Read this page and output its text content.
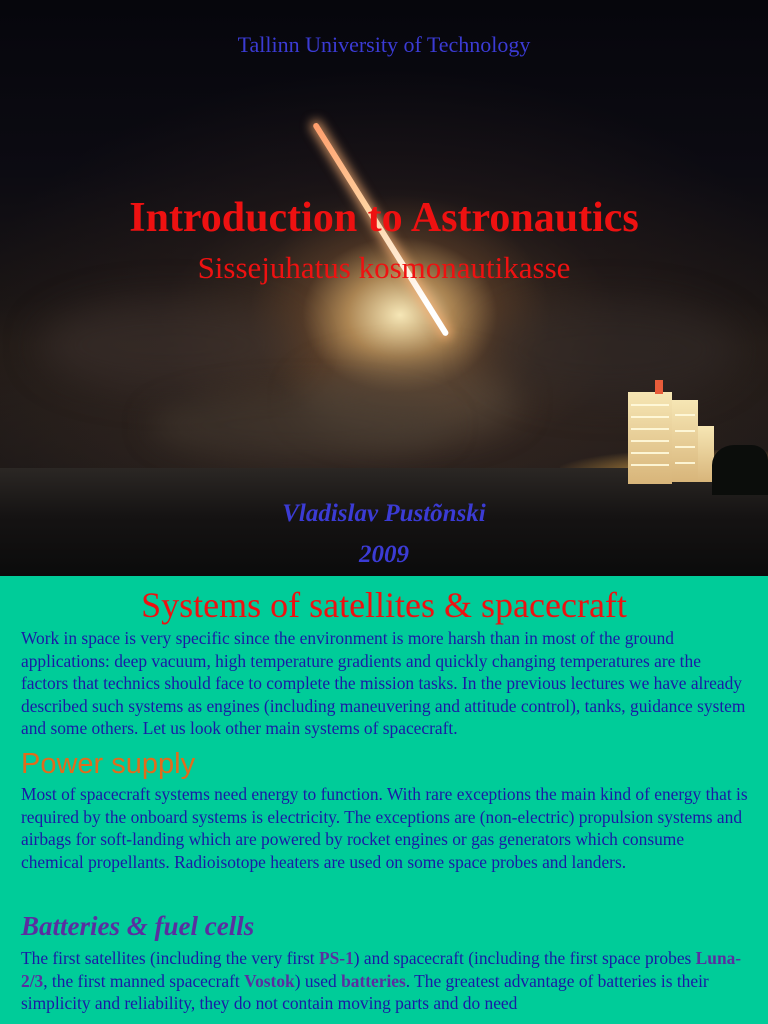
Tallinn University of Technology
Introduction to Astronautics
Sissejuhatus kosmonautikasse
Vladislav Pustõnski
2009
Systems of satellites & spacecraft

Work in space is very specific since the environment is more harsh than in most of the ground applications: deep vacuum, high temperature gradients and quickly changing temperatures are the factors that technics should face to complete the mission tasks. In the previous lectures we have already described such systems as engines (including maneuvering and attitude control), tanks, guidance system and some others. Let us look other main systems of spacecraft.

Power supply

Most of spacecraft systems need energy to function. With rare exceptions the main kind of energy that is required by the onboard systems is electricity. The exceptions are (non-electric) propulsion systems and airbags for soft-landing which are powered by rocket engines or gas generators which consume chemical propellants. Radioisotope heaters are used on some space probes and landers.

Batteries & fuel cells

The first satellites (including the very first PS-1) and spacecraft (including the first space probes Luna-2/3, the first manned spacecraft Vostok) used batteries. The greatest advantage of batteries is their simplicity and reliability, they do not contain moving parts and do need
